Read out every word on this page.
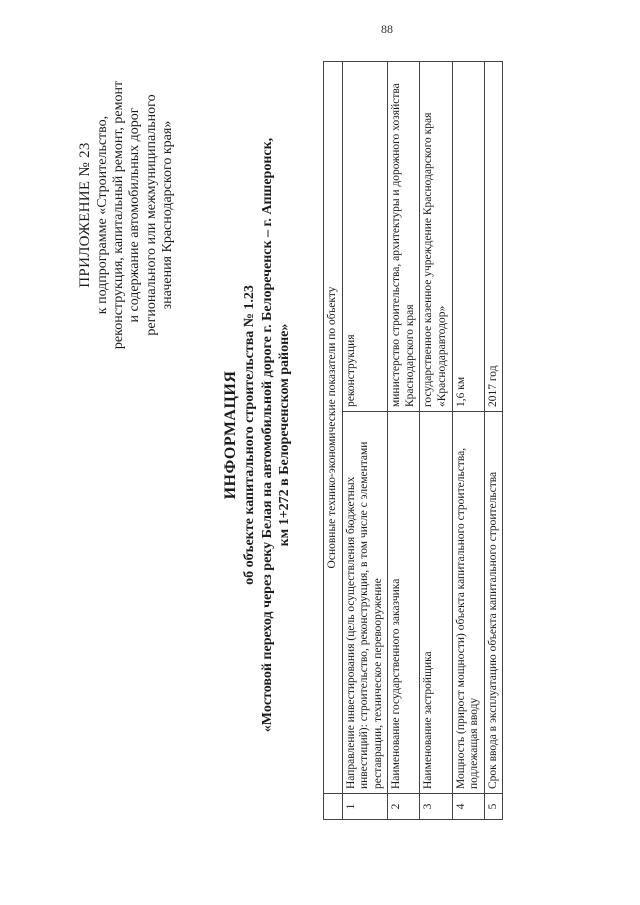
88
ПРИЛОЖЕНИЕ № 23 к подпрограмме «Строительство, реконструкция, капитальный ремонт, ремонт и содержание автомобильных дорог регионального или межмуниципального значения Краснодарского края»
ИНФОРМАЦИЯ об объекте капитального строительства № 1.23 «Мостовой переход через реку Белая на автомобильной дороге г. Белореченск – г. Апшеронск, км 1+272 в Белореченском районе»
		Основные технико-экономические показатели по объекту	
1	Направление инвестирования (цель осуществления бюджетных инвестиций): строительство, реконструкция, в том числе с элементами реставрации, техническое перевооружение	реконструкция
2	Наименование государственного заказчика	министерство строительства, архитектуры и дорожного хозяйства Краснодарского края
3	Наименование застройщика	государственное казенное учреждение Краснодарского края «Краснодаравтодор»
4	Мощность (прирост мощности) объекта капитального строительства, подлежащая вводу	1,6 км
5	Срок ввода в эксплуатацию объекта капитального строительства	2017 год
